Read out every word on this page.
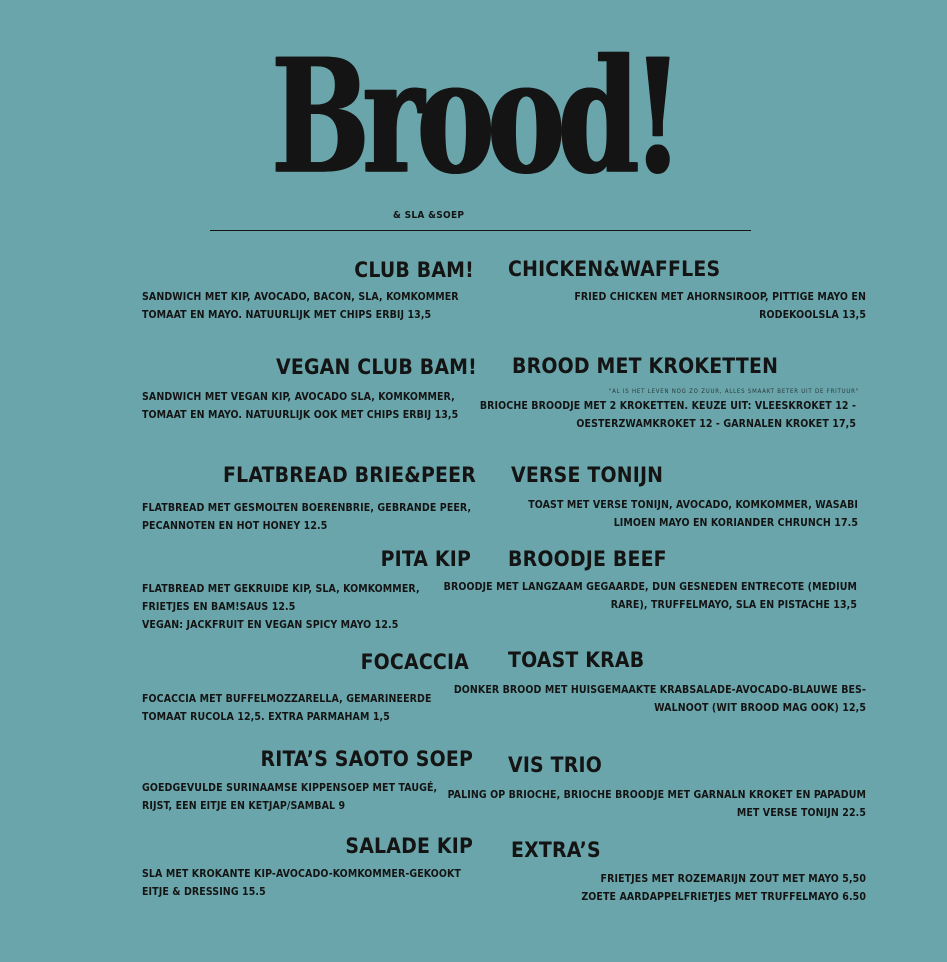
Brood!
& SLA &SOEP
CLUB BAM!
SANDWICH MET KIP, AVOCADO, BACON, SLA, KOMKOMMER
TOMAAT EN MAYO. NATUURLIJK MET CHIPS ERBIJ 13,5
VEGAN CLUB BAM!
SANDWICH MET VEGAN KIP, AVOCADO SLA, KOMKOMMER,
TOMAAT EN MAYO. NATUURLIJK OOK MET CHIPS ERBIJ 13,5
FLATBREAD BRIE&PEER
FLATBREAD MET GESMOLTEN BOERENBRIE, GEBRANDE PEER,
PECANNOTEN EN HOT HONEY 12.5
PITA KIP
FLATBREAD MET GEKRUIDE KIP, SLA, KOMKOMMER,
FRIETJES EN BAM!SAUS 12.5
VEGAN: JACKFRUIT EN VEGAN SPICY MAYO 12.5
FOCACCIA
FOCACCIA MET BUFFELMOZZARELLA, GEMARINEERDE
TOMAAT RUCOLA 12,5. EXTRA PARMAHAM 1,5
RITA’S SAOTO SOEP
GOEDGEVULDE SURINAAMSE KIPPENSOEP MET TAUGÉ,
RIJST, EEN EITJE EN KETJAP/SAMBAL 9
SALADE KIP
SLA MET KROKANTE KIP-AVOCADO-KOMKOMMER-GEKOOKT
EITJE & DRESSING 15.5
CHICKEN&WAFFLES
FRIED CHICKEN MET AHORNSIROOP, PITTIGE MAYO EN
RODEKOOLSLA 13,5
BROOD MET KROKETTEN
"AL IS HET LEVEN NOG ZO ZUUR, ALLES SMAAKT BETER UIT DE FRITUUR"
BRIOCHE BROODJE MET 2 KROKETTEN. KEUZE UIT: VLEESKROKET 12 -
OESTERZWAMKROKET 12 - GARNALEN KROKET 17,5
VERSE TONIJN
TOAST MET VERSE TONIJN, AVOCADO, KOMKOMMER, WASABI
LIMOEN MAYO EN KORIANDER CHRUNCH 17.5
BROODJE BEEF
BROODJE MET LANGZAAM GEGAARDE, DUN GESNEDEN ENTRECOTE (MEDIUM
RARE), TRUFFELMAYO, SLA EN PISTACHE 13,5
TOAST KRAB
DONKER BROOD MET HUISGEMAAKTE KRABSALADE-AVOCADO-BLAUWE BES-
WALNOOT (WIT BROOD MAG OOK) 12,5
VIS TRIO
PALING OP BRIOCHE, BRIOCHE BROODJE MET GARNALN KROKET EN PAPADUM
MET VERSE TONIJN 22.5
EXTRA’S
FRIETJES MET ROZEMARIJN ZOUT MET MAYO 5,50
ZOETE AARDAPPELFRIETJES MET TRUFFELMAYO 6.50
